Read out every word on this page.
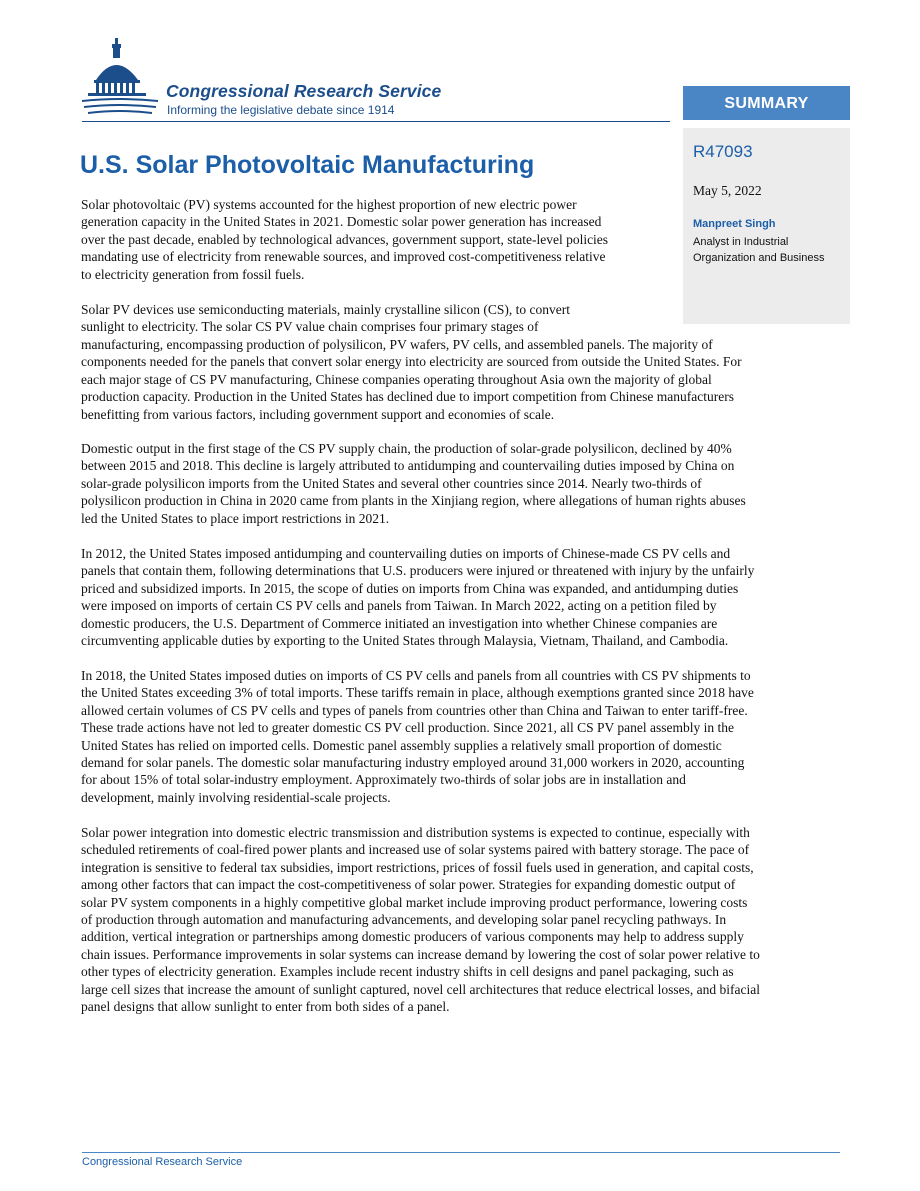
Congressional Research Service
Informing the legislative debate since 1914	SUMMARY
R47093
May 5, 2022
Manpreet Singh
Analyst in Industrial Organization and Business
U.S. Solar Photovoltaic Manufacturing
Solar photovoltaic (PV) systems accounted for the highest proportion of new electric power
generation capacity in the United States in 2021. Domestic solar power generation has increased
over the past decade, enabled by technological advances, government support, state-level policies
mandating use of electricity from renewable sources, and improved cost-competitiveness relative
to electricity generation from fossil fuels.
Solar PV devices use semiconducting materials, mainly crystalline silicon (CS), to convert
sunlight to electricity. The solar CS PV value chain comprises four primary stages of
manufacturing, encompassing production of polysilicon, PV wafers, PV cells, and assembled panels. The majority of
components needed for the panels that convert solar energy into electricity are sourced from outside the United States. For
each major stage of CS PV manufacturing, Chinese companies operating throughout Asia own the majority of global
production capacity. Production in the United States has declined due to import competition from Chinese manufacturers
benefitting from various factors, including government support and economies of scale.
Domestic output in the first stage of the CS PV supply chain, the production of solar-grade polysilicon, declined by 40%
between 2015 and 2018. This decline is largely attributed to antidumping and countervailing duties imposed by China on
solar-grade polysilicon imports from the United States and several other countries since 2014. Nearly two-thirds of
polysilicon production in China in 2020 came from plants in the Xinjiang region, where allegations of human rights abuses
led the United States to place import restrictions in 2021.
In 2012, the United States imposed antidumping and countervailing duties on imports of Chinese-made CS PV cells and
panels that contain them, following determinations that U.S. producers were injured or threatened with injury by the unfairly
priced and subsidized imports. In 2015, the scope of duties on imports from China was expanded, and antidumping duties
were imposed on imports of certain CS PV cells and panels from Taiwan. In March 2022, acting on a petition filed by
domestic producers, the U.S. Department of Commerce initiated an investigation into whether Chinese companies are
circumventing applicable duties by exporting to the United States through Malaysia, Vietnam, Thailand, and Cambodia.
In 2018, the United States imposed duties on imports of CS PV cells and panels from all countries with CS PV shipments to
the United States exceeding 3% of total imports. These tariffs remain in place, although exemptions granted since 2018 have
allowed certain volumes of CS PV cells and types of panels from countries other than China and Taiwan to enter tariff-free.
These trade actions have not led to greater domestic CS PV cell production. Since 2021, all CS PV panel assembly in the
United States has relied on imported cells. Domestic panel assembly supplies a relatively small proportion of domestic
demand for solar panels. The domestic solar manufacturing industry employed around 31,000 workers in 2020, accounting
for about 15% of total solar-industry employment. Approximately two-thirds of solar jobs are in installation and
development, mainly involving residential-scale projects.
Solar power integration into domestic electric transmission and distribution systems is expected to continue, especially with
scheduled retirements of coal-fired power plants and increased use of solar systems paired with battery storage. The pace of
integration is sensitive to federal tax subsidies, import restrictions, prices of fossil fuels used in generation, and capital costs,
among other factors that can impact the cost-competitiveness of solar power. Strategies for expanding domestic output of
solar PV system components in a highly competitive global market include improving product performance, lowering costs
of production through automation and manufacturing advancements, and developing solar panel recycling pathways. In
addition, vertical integration or partnerships among domestic producers of various components may help to address supply
chain issues. Performance improvements in solar systems can increase demand by lowering the cost of solar power relative to
other types of electricity generation. Examples include recent industry shifts in cell designs and panel packaging, such as
large cell sizes that increase the amount of sunlight captured, novel cell architectures that reduce electrical losses, and bifacial
panel designs that allow sunlight to enter from both sides of a panel.
Congressional Research Service
